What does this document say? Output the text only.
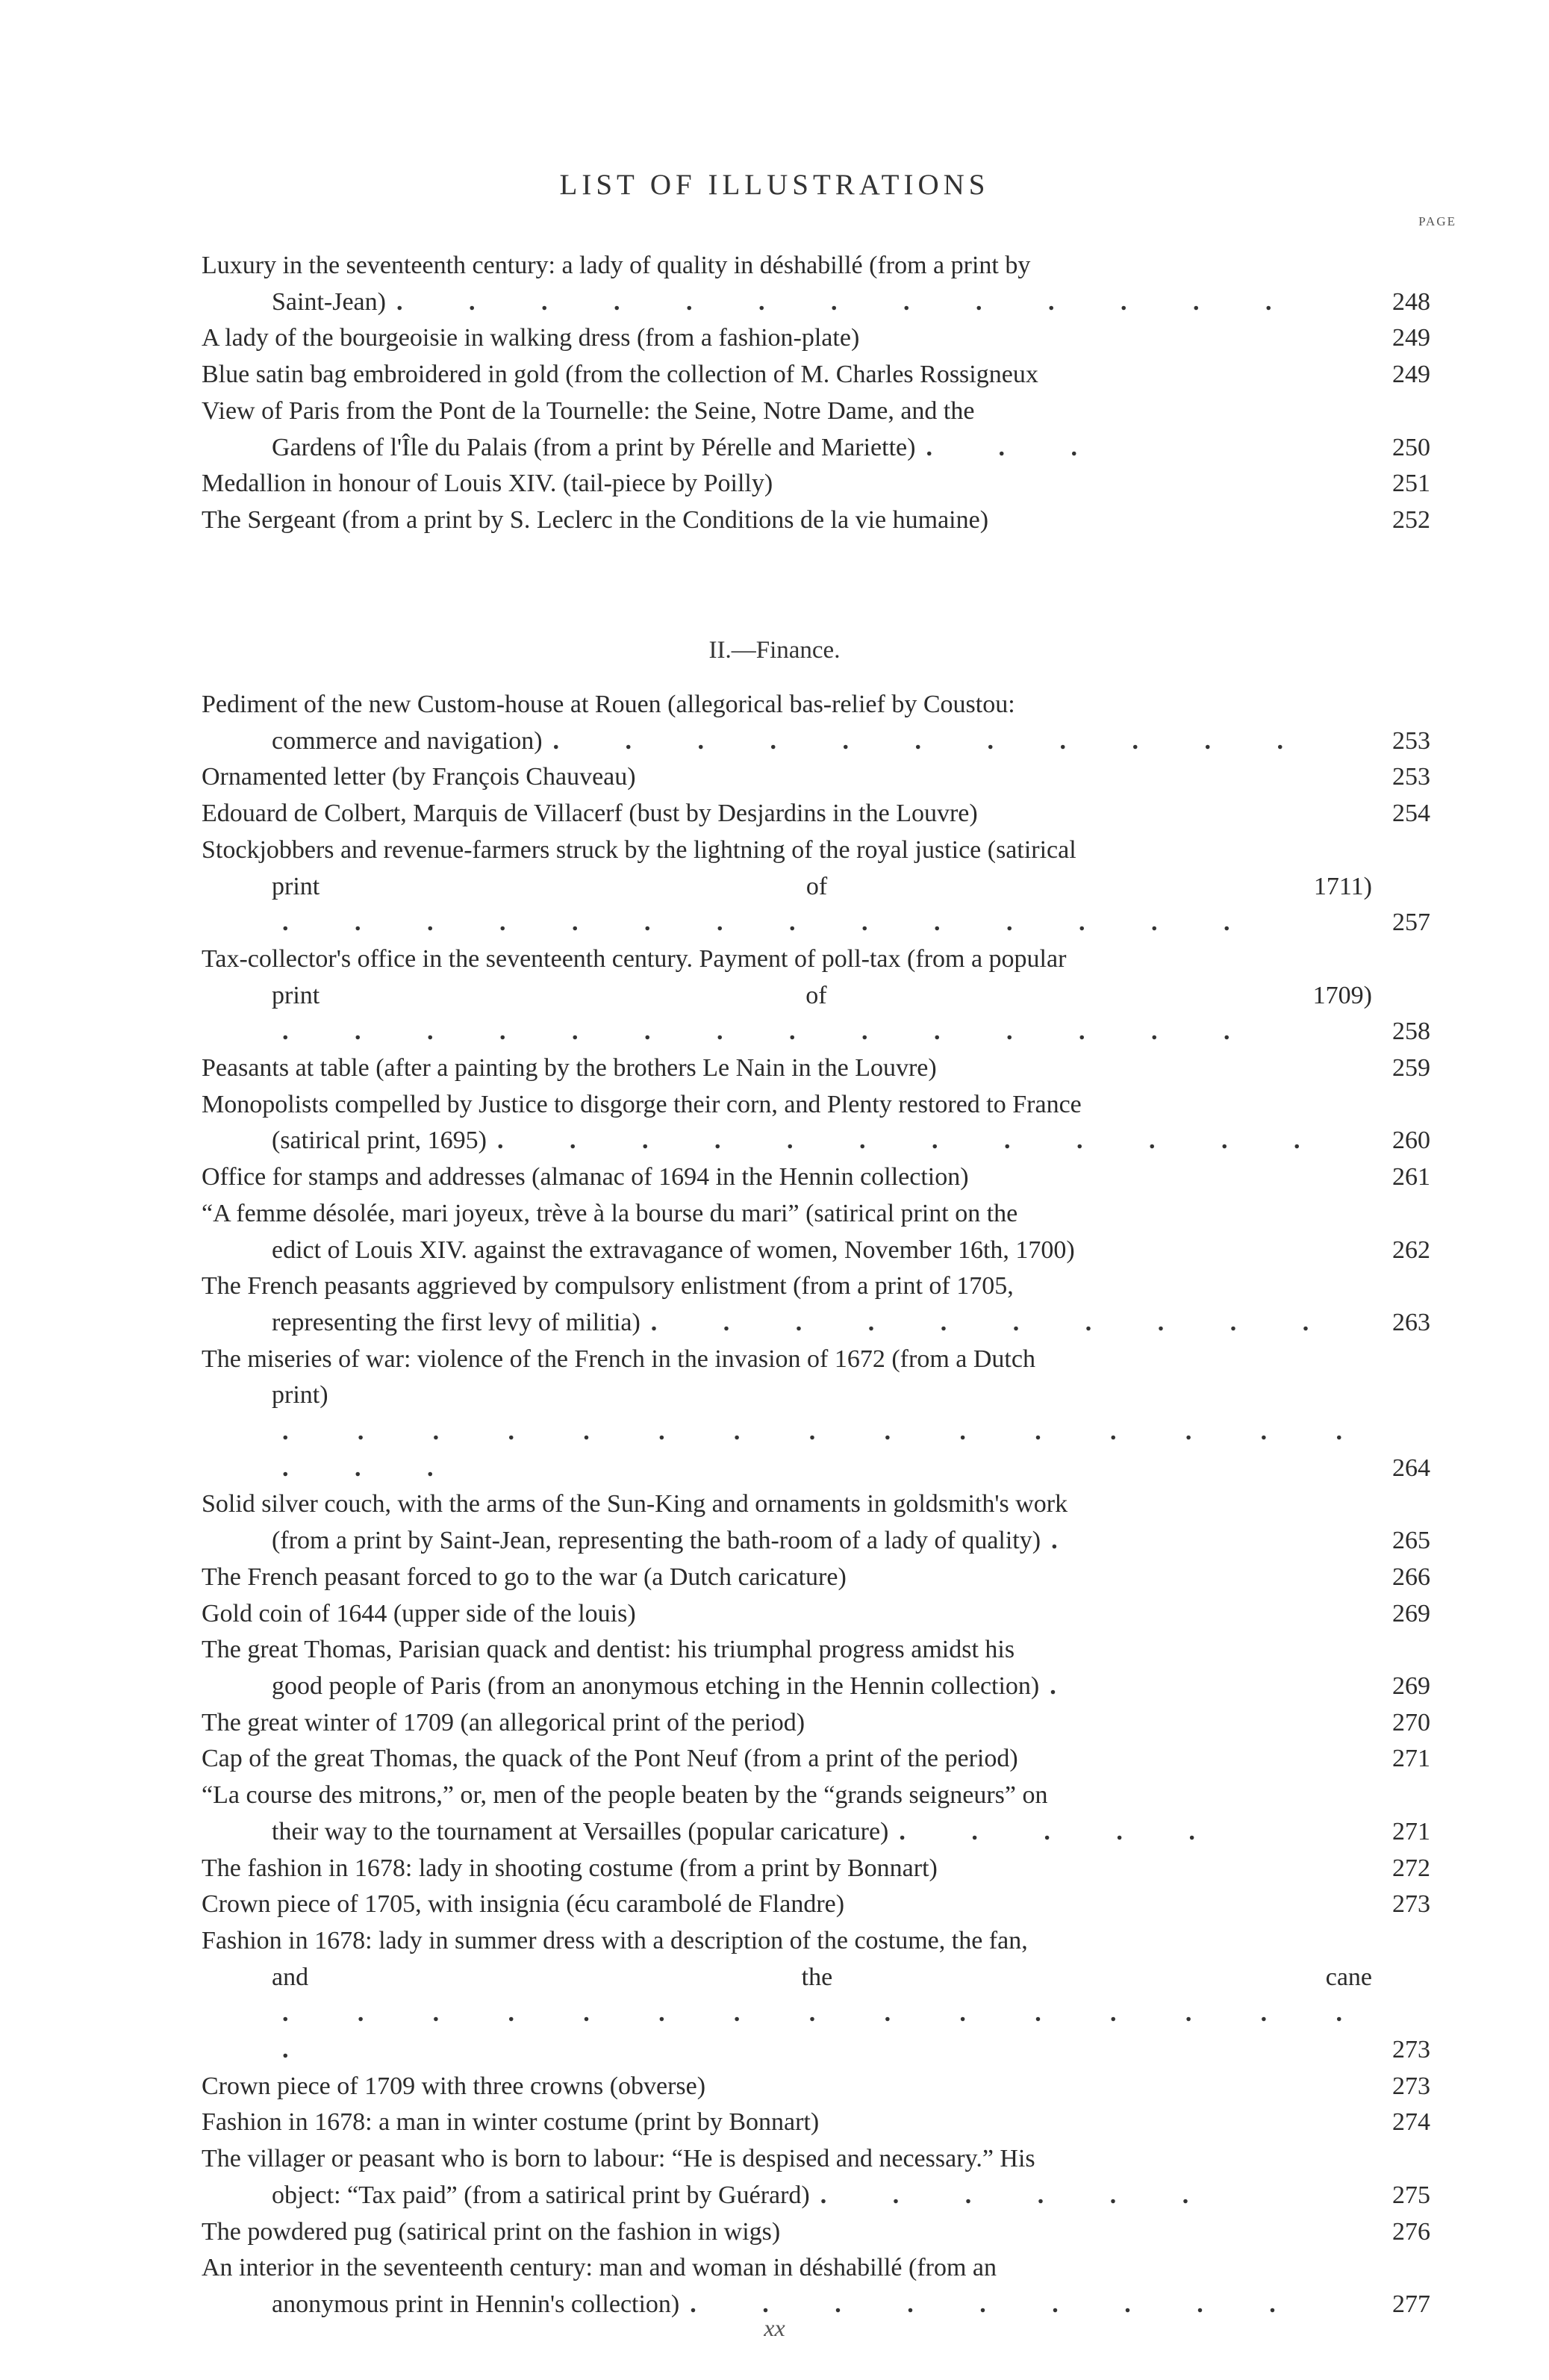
LIST OF ILLUSTRATIONS
PAGE
Luxury in the seventeenth century: a lady of quality in déshabillé (from a print by
Saint-Jean) . . . . . . . . . . . . .	248
A lady of the bourgeoisie in walking dress (from a fashion-plate)	249
Blue satin bag embroidered in gold (from the collection of M. Charles Rossigneux	249
View of Paris from the Pont de la Tournelle: the Seine, Notre Dame, and the
Gardens of l'Île du Palais (from a print by Pérelle and Mariette) . . .	250
Medallion in honour of Louis XIV. (tail-piece by Poilly)	251
The Sergeant (from a print by S. Leclerc in the Conditions de la vie humaine)	252
II.—Finance.
Pediment of the new Custom-house at Rouen (allegorical bas-relief by Coustou:
commerce and navigation) . . . . . . . . . . .	253
Ornamented letter (by François Chauveau)	253
Edouard de Colbert, Marquis de Villacerf (bust by Desjardins in the Louvre)	254
Stockjobbers and revenue-farmers struck by the lightning of the royal justice (satirical
print of 1711). . . . . . . . . . . . . .	257
Tax-collector's office in the seventeenth century. Payment of poll-tax (from a popular
print of 1709). . . . . . . . . . . . . .	258
Peasants at table (after a painting by the brothers Le Nain in the Louvre)	259
Monopolists compelled by Justice to disgorge their corn, and Plenty restored to France
(satirical print, 1695) . . . . . . . . . . . .	260
Office for stamps and addresses (almanac of 1694 in the Hennin collection)	261
“A femme désolée, mari joyeux, trève à la bourse du mari” (satirical print on the
edict of Louis XIV. against the extravagance of women, November 16th, 1700)	262
The French peasants aggrieved by compulsory enlistment (from a print of 1705,
representing the first levy of militia) . . . . . . . . . .	263
The miseries of war: violence of the French in the invasion of 1672 (from a Dutch
print). . . . . . . . . . . . . . . . . .	264
Solid silver couch, with the arms of the Sun-King and ornaments in goldsmith's work
(from a print by Saint-Jean, representing the bath-room of a lady of quality) .	265
The French peasant forced to go to the war (a Dutch caricature)	266
Gold coin of 1644 (upper side of the louis)	269
The great Thomas, Parisian quack and dentist: his triumphal progress amidst his
good people of Paris (from an anonymous etching in the Hennin collection) .	269
The great winter of 1709 (an allegorical print of the period)	270
Cap of the great Thomas, the quack of the Pont Neuf (from a print of the period)	271
“La course des mitrons,” or, men of the people beaten by the “grands seigneurs” on
their way to the tournament at Versailles (popular caricature) . . . . .	271
The fashion in 1678: lady in shooting costume (from a print by Bonnart)	272
Crown piece of 1705, with insignia (écu carambolé de Flandre)	273
Fashion in 1678: lady in summer dress with a description of the costume, the fan,
and the cane. . . . . . . . . . . . . . . .	273
Crown piece of 1709 with three crowns (obverse)	273
Fashion in 1678: a man in winter costume (print by Bonnart)	274
The villager or peasant who is born to labour: “He is despised and necessary.” His
object: “Tax paid” (from a satirical print by Guérard) . . . . . .	275
The powdered pug (satirical print on the fashion in wigs)	276
An interior in the seventeenth century: man and woman in déshabillé (from an
anonymous print in Hennin's collection) . . . . . . . . .	277
xx
